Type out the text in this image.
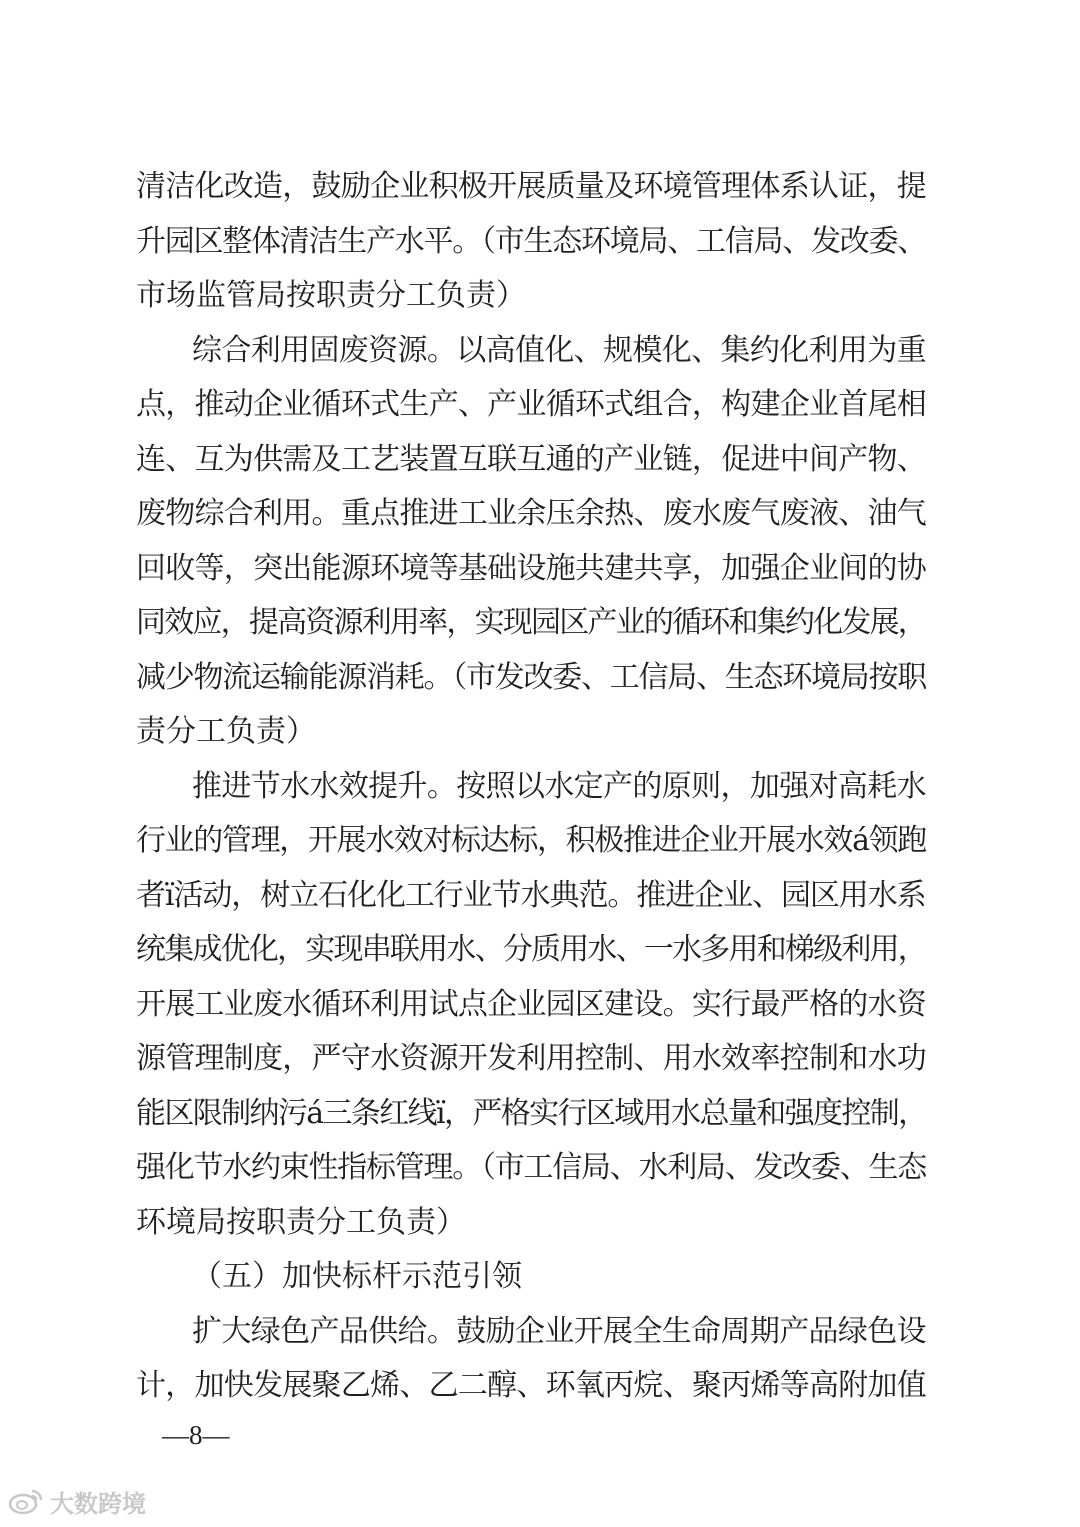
清洁化改造，鼓励企业积极开展质量及环境管理体系认证，提
升园区整体清洁生产水平。（市生态环境局、工信局、发改委、
市场监管局按职责分工负责）
综合利用固废资源。以高值化、规模化、集约化利用为重
点，推动企业循环式生产、产业循环式组合，构建企业首尾相
连、互为供需及工艺装置互联互通的产业链，促进中间产物、
废物综合利用。重点推进工业余压余热、废水废气废液、油气
回收等，突出能源环境等基础设施共建共享，加强企业间的协
同效应，提高资源利用率，实现园区产业的循环和集约化发展，
减少物流运输能源消耗。（市发改委、工信局、生态环境局按职
责分工负责）
推进节水水效提升。按照以水定产的原则，加强对高耗水
行业的管理，开展水效对标达标，积极推进企业开展水效á领跑
者ï活动，树立石化化工行业节水典范。推进企业、园区用水系
统集成优化，实现串联用水、分质用水、一水多用和梯级利用，
开展工业废水循环利用试点企业园区建设。实行最严格的水资
源管理制度，严守水资源开发利用控制、用水效率控制和水功
能区限制纳污á三条红线ï，严格实行区域用水总量和强度控制，
强化节水约束性指标管理。（市工信局、水利局、发改委、生态
环境局按职责分工负责）
（五）加快标杆示范引领
扩大绿色产品供给。鼓励企业开展全生命周期产品绿色设
计，加快发展聚乙烯、乙二醇、环氧丙烷、聚丙烯等高附加值
—8—
大数跨境
